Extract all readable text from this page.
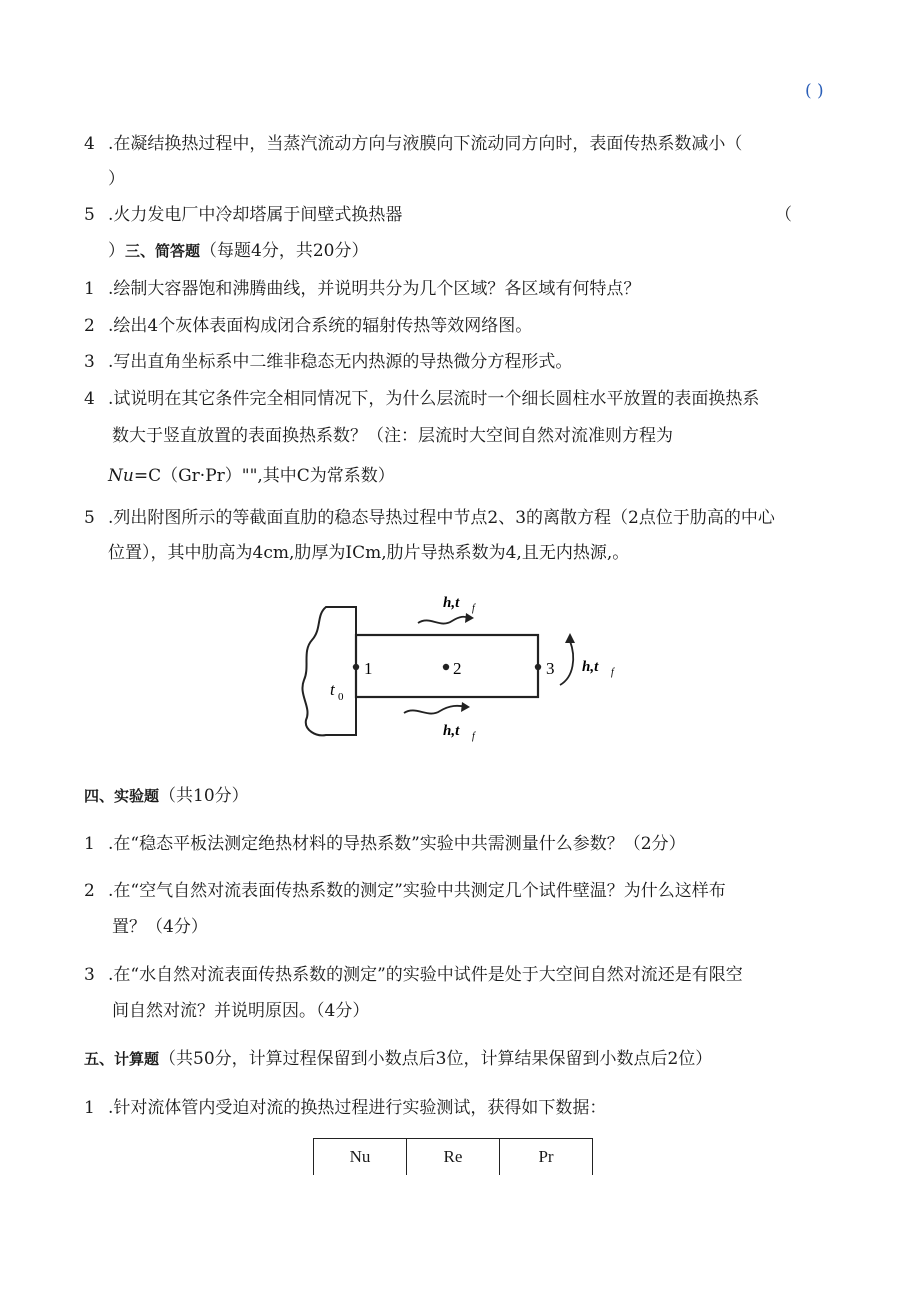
( )
4 .在凝结换热过程中，当蒸汽流动方向与液膜向下流动同方向时，表面传热系数减小（
）
5 .火力发电厂中冷却塔属于间壁式换热器	（
）三、简答题（每题4分，共20分）
1 .绘制大容器饱和沸腾曲线，并说明共分为几个区域？各区域有何特点？
2 .绘出4个灰体表面构成闭合系统的辐射传热等效网络图。
3 .写出直角坐标系中二维非稳态无内热源的导热微分方程形式。
4 .试说明在其它条件完全相同情况下，为什么层流时一个细长圆柱水平放置的表面换热系
数大于竖直放置的表面换热系数？（注：层流时大空间自然对流准则方程为
Nu=C（Gr·Pr）"",其中C为常系数）
5 .列出附图所示的等截面直肋的稳态导热过程中节点2、3的离散方程（2点位于肋高的中心
位置），其中肋高为4cm,肋厚为ICm,肋片导热系数为4,且无内热源,。
1	2	3
t 0
h,t f
h,t f
h,t f
四、实验题（共10分）
1 .在“稳态平板法测定绝热材料的导热系数”实验中共需测量什么参数？（2分）
2 .在“空气自然对流表面传热系数的测定”实验中共测定几个试件壁温？为什么这样布
置？（4分）
3 .在“水自然对流表面传热系数的测定”的实验中试件是处于大空间自然对流还是有限空
间自然对流？并说明原因。（4分）
五、计算题（共50分，计算过程保留到小数点后3位，计算结果保留到小数点后2位）
1 .针对流体管内受迫对流的换热过程进行实验测试，获得如下数据：
Nu	Re	Pr
